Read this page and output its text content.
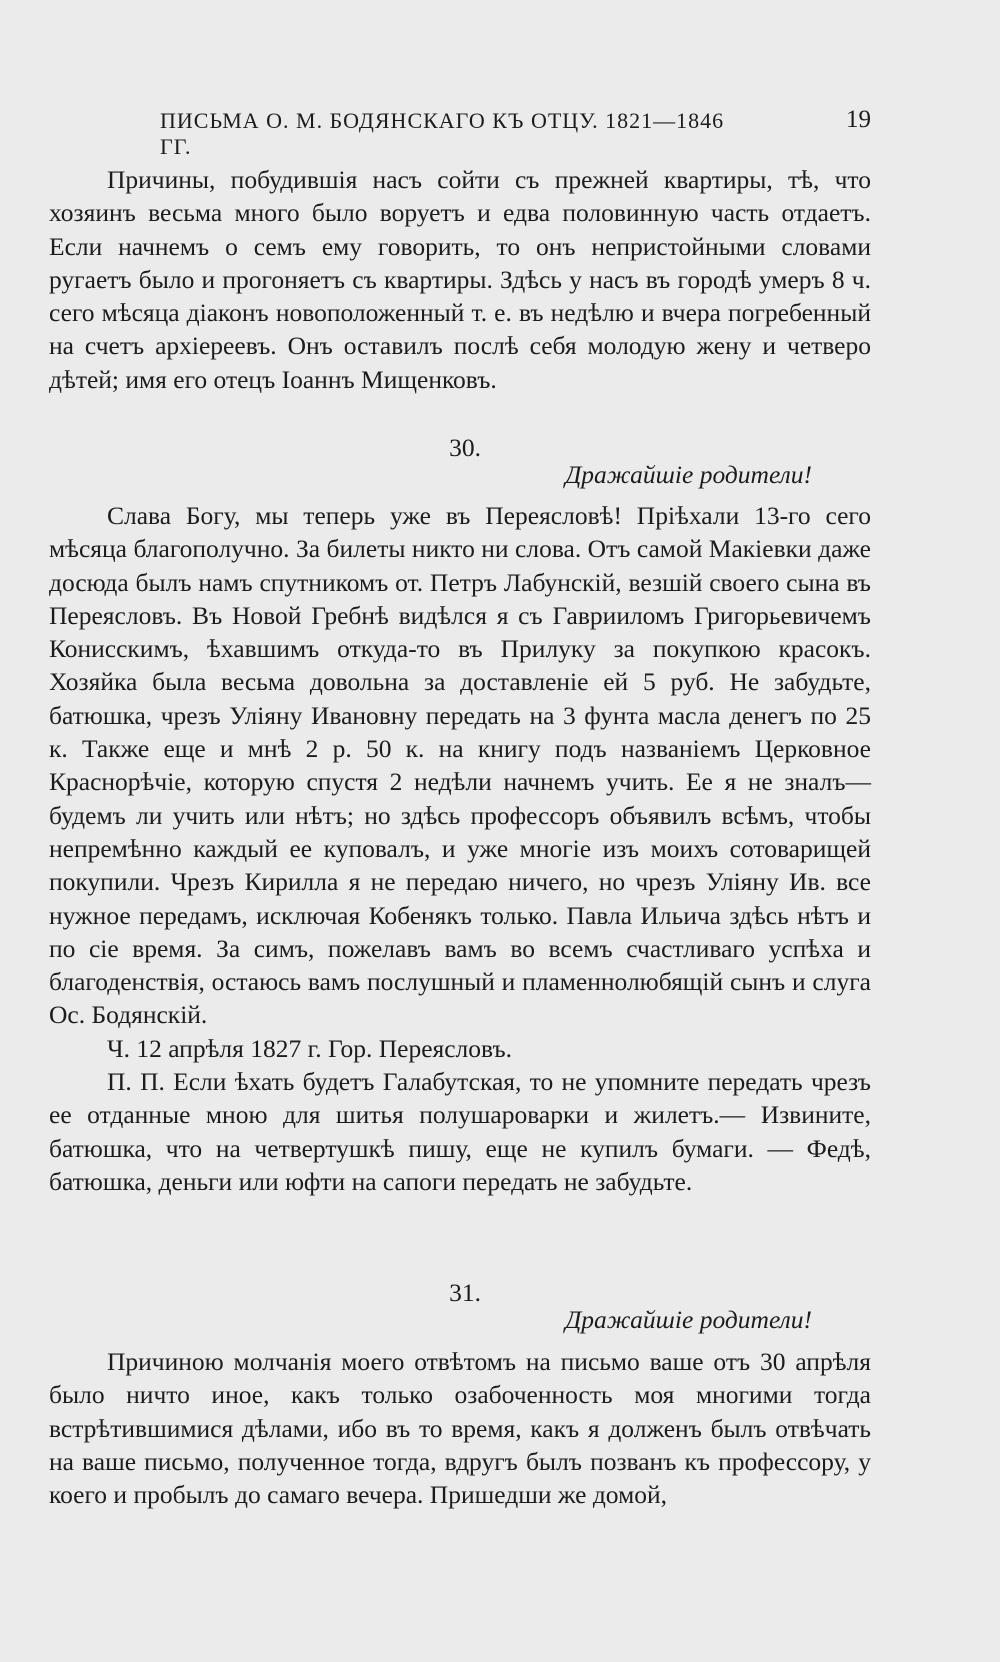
ПИСЬМА О. М. БОДЯНСКАГО КЪ ОТЦУ. 1821—1846 ГГ.
19

Причины, побудившія насъ сойти съ прежней квартиры, тѣ, что хозяинъ весьма много было воруетъ и едва половинную часть отдаетъ. Если начнемъ о семъ ему говорить, то онъ непристойными словами ругаетъ было и прогоняетъ съ квартиры. Здѣсь у насъ въ городѣ умеръ 8 ч. сего мѣсяца діаконъ новоположенный т. е. въ недѣлю и вчера погребенный на счетъ архіереевъ. Онъ оставилъ послѣ себя молодую жену и четверо дѣтей; имя его отецъ Іоаннъ Мищенковъ.

30.
Дражайшіе родители!

Слава Богу, мы теперь уже въ Переясловѣ! Пріѣхали 13-го сего мѣсяца благополучно. За билеты никто ни слова. Отъ самой Макіевки даже досюда былъ намъ спутникомъ от. Петръ Лабунскій, везшій своего сына въ Переясловъ. Въ Новой Гребнѣ видѣлся я съ Гаврииломъ Григорьевичемъ Конисскимъ, ѣхавшимъ откуда-то въ Прилуку за покупкою красокъ. Хозяйка была весьма довольна за доставленіе ей 5 руб. Не забудьте, батюшка, чрезъ Уліяну Ивановну передать на 3 фунта масла денегъ по 25 к. Также еще и мнѣ 2 р. 50 к. на книгу подъ названіемъ Церковное Краснорѣчіе, которую спустя 2 недѣли начнемъ учить. Ее я не зналъ—будемъ ли учить или нѣтъ; но здѣсь профессоръ объявилъ всѣмъ, чтобы непремѣнно каждый ее куповалъ, и уже многіе изъ моихъ сотоварищей покупили. Чрезъ Кирилла я не передаю ничего, но чрезъ Уліяну Ив. все нужное передамъ, исключая Кобенякъ только. Павла Ильича здѣсь нѣтъ и по сіе время. За симъ, пожелавъ вамъ во всемъ счастливаго успѣха и благоденствія, остаюсь вамъ послушный и пламеннолюбящій сынъ и слуга Ос. Бодянскій.

Ч. 12 апрѣля 1827 г. Гор. Переясловъ.

П. П. Если ѣхать будетъ Галабутская, то не упомните передать чрезъ ее отданные мною для шитья полушароварки и жилетъ.— Извините, батюшка, что на четвертушкѣ пишу, еще не купилъ бумаги. — Федѣ, батюшка, деньги или юфти на сапоги передать не забудьте.

31.
Дражайшіе родители!

Причиною молчанія моего отвѣтомъ на письмо ваше отъ 30 апрѣля было ничто иное, какъ только озабоченность моя многими тогда встрѣтившимися дѣлами, ибо въ то время, какъ я долженъ былъ отвѣчать на ваше письмо, полученное тогда, вдругъ былъ позванъ къ профессору, у коего и пробылъ до самаго вечера. Пришедши же домой,
